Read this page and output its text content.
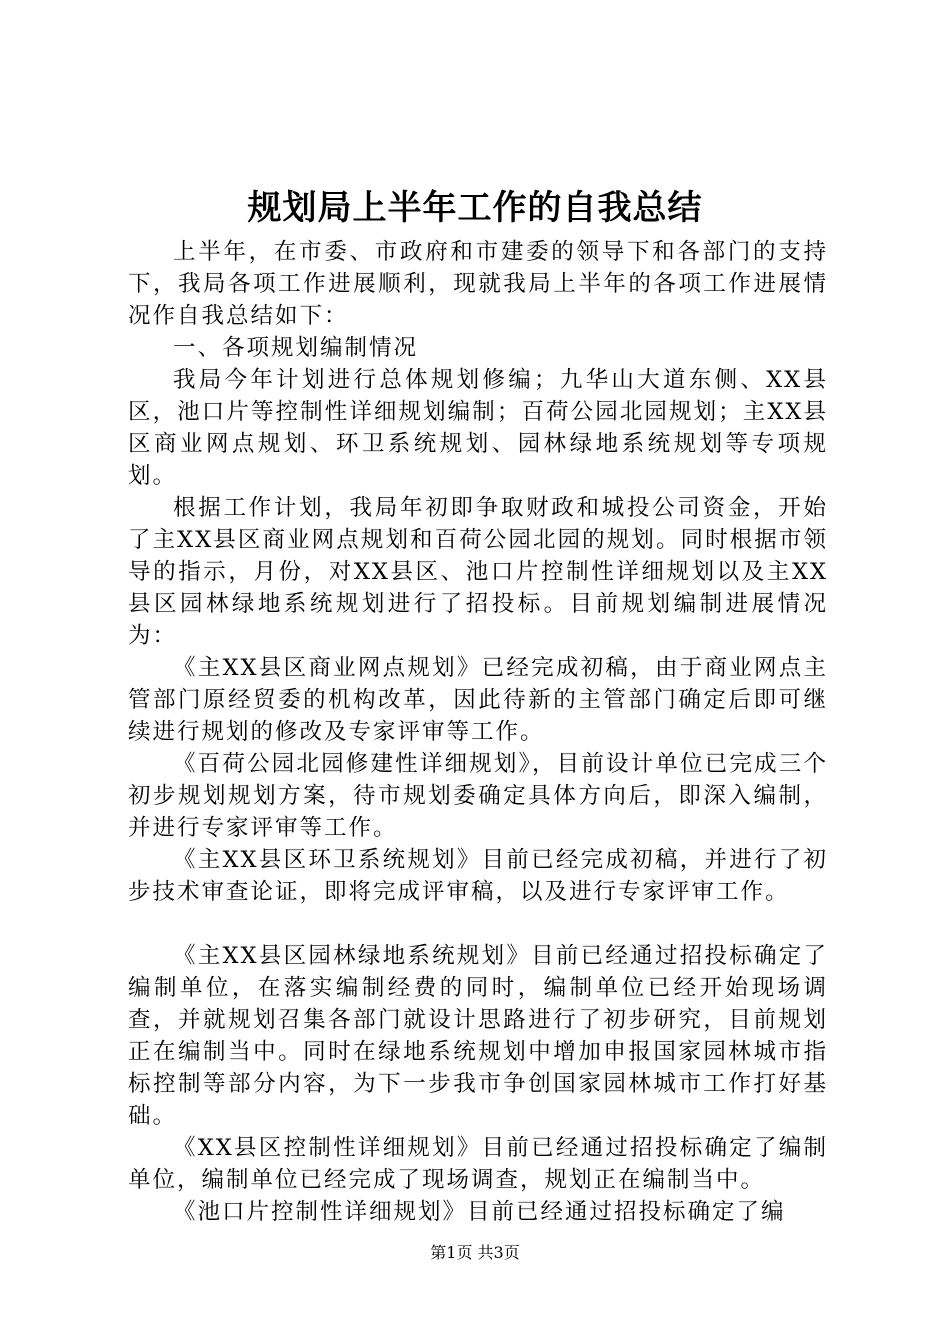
规划局上半年工作的自我总结

上半年，在市委、市政府和市建委的领导下和各部门的支持下，我局各项工作进展顺利，现就我局上半年的各项工作进展情况作自我总结如下：

一、各项规划编制情况

我局今年计划进行总体规划修编；九华山大道东侧、XX县区，池口片等控制性详细规划编制；百荷公园北园规划；主XX县区商业网点规划、环卫系统规划、园林绿地系统规划等专项规划。

根据工作计划，我局年初即争取财政和城投公司资金，开始了主XX县区商业网点规划和百荷公园北园的规划。同时根据市领导的指示，月份，对XX县区、池口片控制性详细规划以及主XX县区园林绿地系统规划进行了招投标。目前规划编制进展情况为：

《主XX县区商业网点规划》已经完成初稿，由于商业网点主管部门原经贸委的机构改革，因此待新的主管部门确定后即可继续进行规划的修改及专家评审等工作。

《百荷公园北园修建性详细规划》，目前设计单位已完成三个初步规划规划方案，待市规划委确定具体方向后，即深入编制，并进行专家评审等工作。

《主XX县区环卫系统规划》目前已经完成初稿，并进行了初步技术审查论证，即将完成评审稿，以及进行专家评审工作。

《主XX县区园林绿地系统规划》目前已经通过招投标确定了编制单位，在落实编制经费的同时，编制单位已经开始现场调查，并就规划召集各部门就设计思路进行了初步研究，目前规划正在编制当中。同时在绿地系统规划中增加申报国家园林城市指标控制等部分内容，为下一步我市争创国家园林城市工作打好基础。

《XX县区控制性详细规划》目前已经通过招投标确定了编制单位，编制单位已经完成了现场调查，规划正在编制当中。

《池口片控制性详细规划》目前已经通过招投标确定了编

第1页 共3页
